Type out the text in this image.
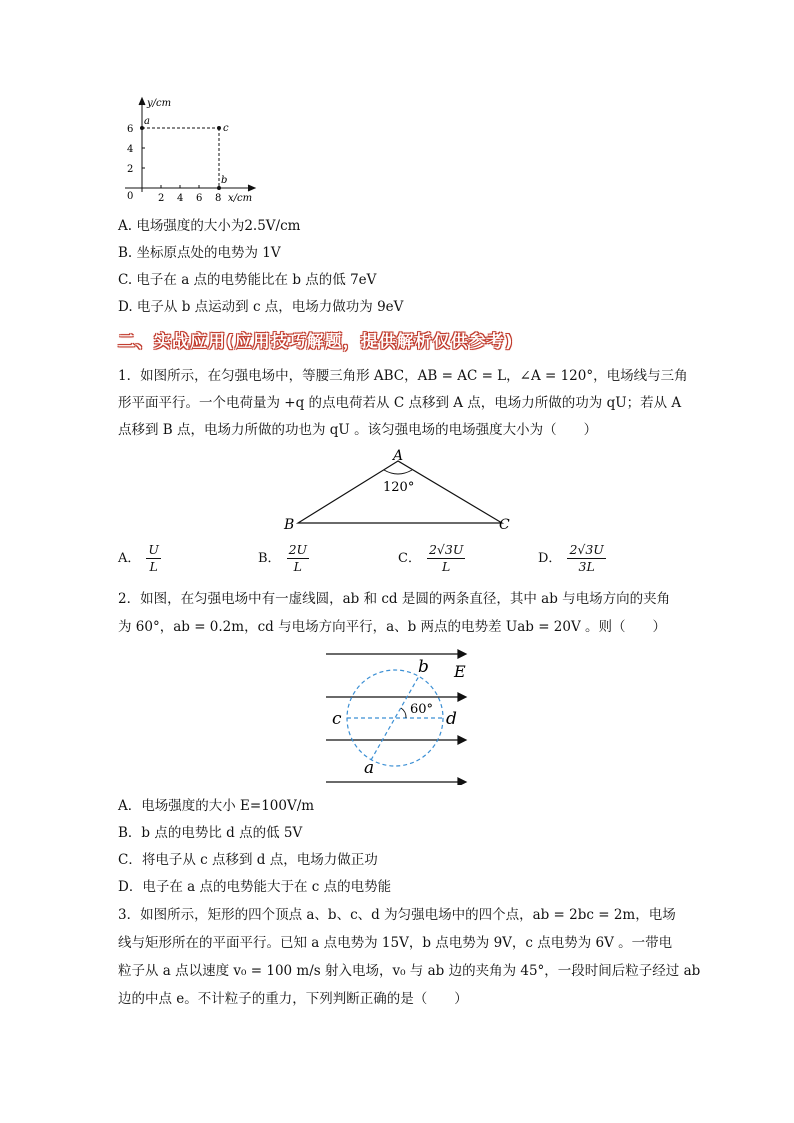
y/cm
x/cm
6
4
2
0 2 4 6 8
a
c
b
A. 电场强度的大小为2.5V/cm
B. 坐标原点处的电势为 1V
C. 电子在 a 点的电势能比在 b 点的低 7eV
D. 电子从 b 点运动到 c 点，电场力做功为 9eV
二、实战应用(应用技巧解题，提供解析仅供参考)
1．如图所示，在匀强电场中，等腰三角形 ABC，AB = AC = L，∠A = 120°，电场线与三角
形平面平行。一个电荷量为 +q 的点电荷若从 C 点移到 A 点，电场力所做的功为 qU；若从 A
点移到 B 点，电场力所做的功也为 qU 。该匀强电场的电场强度大小为（　　）
A
B	C
120°
A． $\frac{U}{L}$	B． $\frac{2U}{L}$	C． $\frac{2√3U}{L}$	D． $\frac{2√3U}{3L}$
2．如图，在匀强电场中有一虚线圆，ab 和 cd 是圆的两条直径，其中 ab 与电场方向的夹角
为 60°，ab = 0.2m，cd 与电场方向平行，a、b 两点的电势差 Uab = 20V 。则（　　）
b E
c	d
a
60°
A．电场强度的大小 E=100V/m
B．b 点的电势比 d 点的低 5V
C．将电子从 c 点移到 d 点，电场力做正功
D．电子在 a 点的电势能大于在 c 点的电势能
3．如图所示，矩形的四个顶点 a、b、c、d 为匀强电场中的四个点，ab = 2bc = 2m，电场
线与矩形所在的平面平行。已知 a 点电势为 15V，b 点电势为 9V，c 点电势为 6V 。一带电
粒子从 a 点以速度 v₀ = 100 m/s 射入电场，v₀ 与 ab 边的夹角为 45°，一段时间后粒子经过 ab
边的中点 e。不计粒子的重力，下列判断正确的是（　　）
